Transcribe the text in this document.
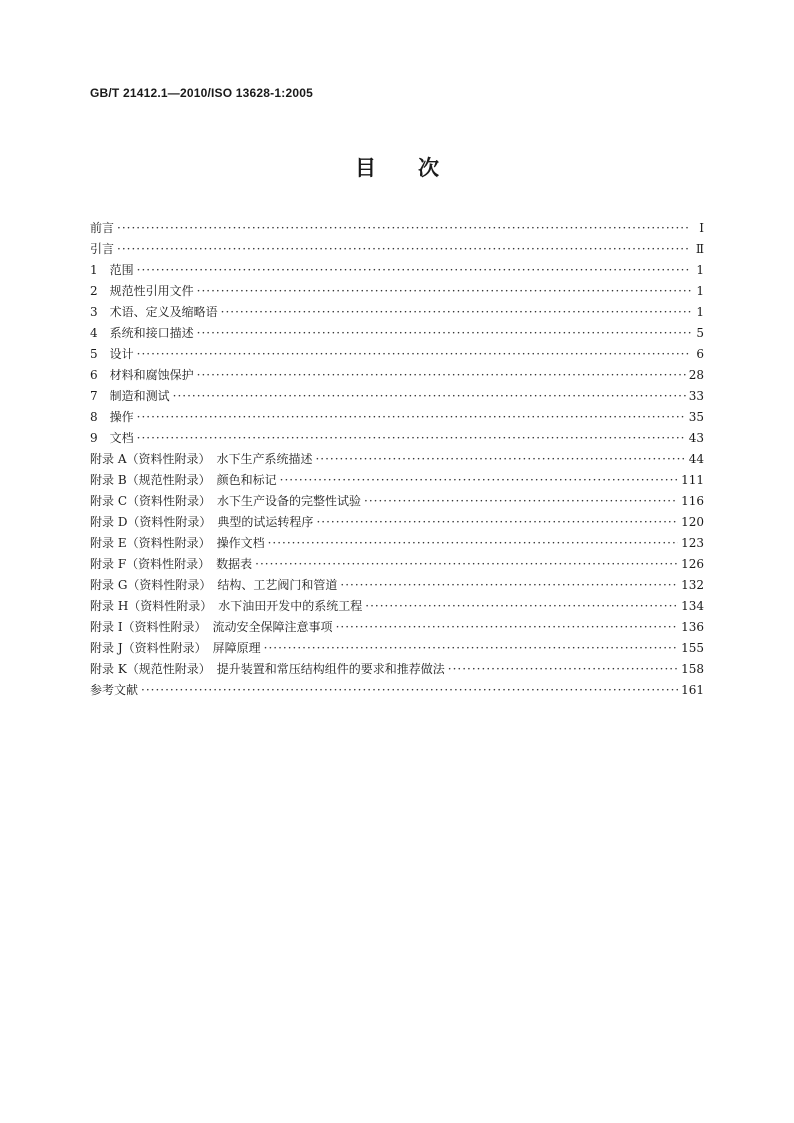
GB/T 21412.1—2010/ISO 13628-1:2005
目次
前言 ·····	Ⅰ
引言 ·····	Ⅱ
1　范围 ·····	1
2　规范性引用文件 ·····	1
3　术语、定义及缩略语 ·····	1
4　系统和接口描述 ·····	5
5　设计 ·····	6
6　材料和腐蚀保护 ·····	28
7　制造和测试 ·····	33
8　操作 ·····	35
9　文档 ·····	43
附录 A（资料性附录）　水下生产系统描述 ·····	44
附录 B（规范性附录）　颜色和标记 ·····	111
附录 C（资料性附录）　水下生产设备的完整性试验 ·····	116
附录 D（资料性附录）　典型的试运转程序 ·····	120
附录 E（资料性附录）　操作文档 ·····	123
附录 F（资料性附录）　数据表 ·····	126
附录 G（资料性附录）　结构、工艺阀门和管道 ·····	132
附录 H（资料性附录）　水下油田开发中的系统工程 ·····	134
附录 I（资料性附录）　流动安全保障注意事项 ·····	136
附录 J（资料性附录）　屏障原理 ·····	155
附录 K（规范性附录）　提升装置和常压结构组件的要求和推荐做法 ·····	158
参考文献 ·····	161
